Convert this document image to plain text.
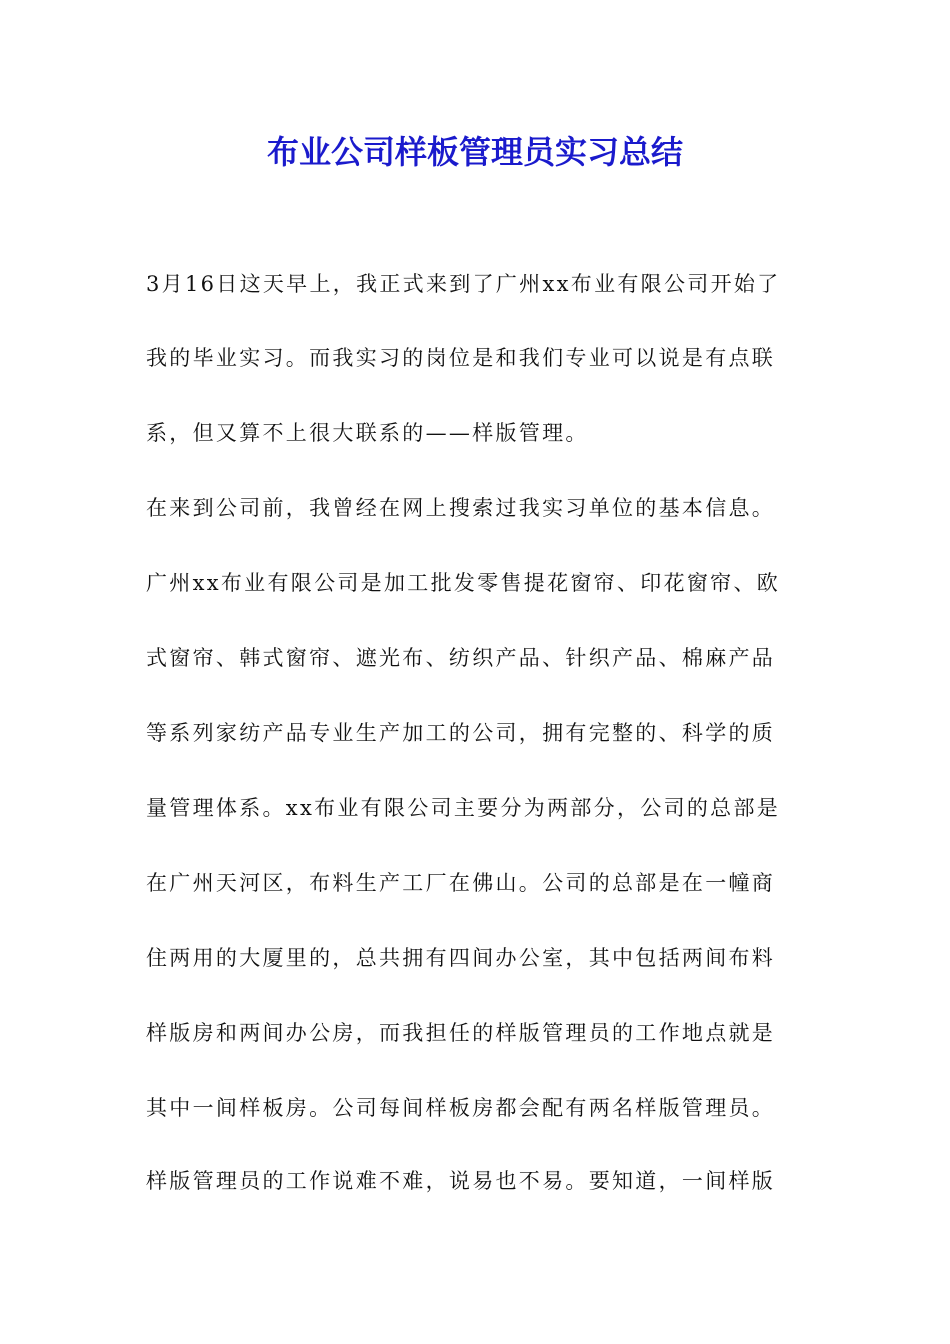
布业公司样板管理员实习总结
3月16日这天早上，我正式来到了广州xx布业有限公司开始了
我的毕业实习。而我实习的岗位是和我们专业可以说是有点联
系，但又算不上很大联系的——样版管理。
在来到公司前，我曾经在网上搜索过我实习单位的基本信息。
广州xx布业有限公司是加工批发零售提花窗帘、印花窗帘、欧
式窗帘、韩式窗帘、遮光布、纺织产品、针织产品、棉麻产品
等系列家纺产品专业生产加工的公司，拥有完整的、科学的质
量管理体系。xx布业有限公司主要分为两部分，公司的总部是
在广州天河区，布料生产工厂在佛山。公司的总部是在一幢商
住两用的大厦里的，总共拥有四间办公室，其中包括两间布料
样版房和两间办公房，而我担任的样版管理员的工作地点就是
其中一间样板房。公司每间样板房都会配有两名样版管理员。
样版管理员的工作说难不难，说易也不易。要知道，一间样版
